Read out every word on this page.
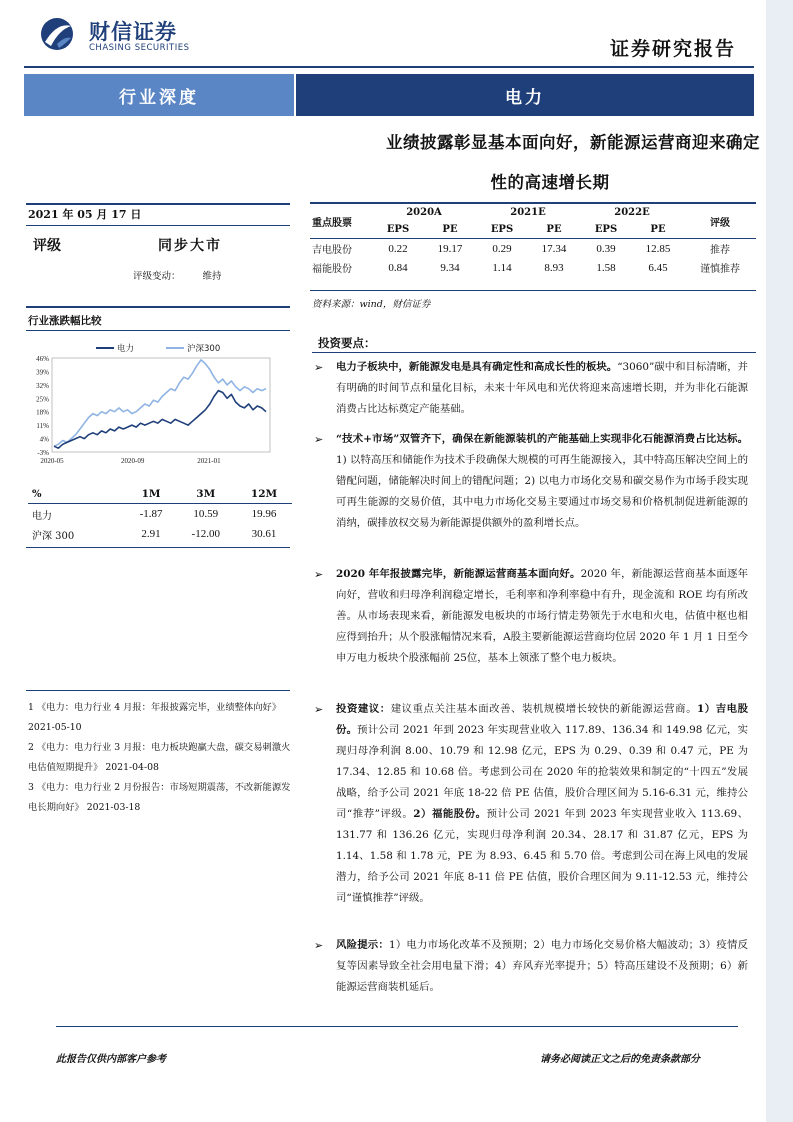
财信证券
CHASING SECURITIES	证券研究报告
行业深度	电力
业绩披露彰显基本面向好，新能源运营商迎来确定
性的高速增长期
2021 年 05 月 17 日
评级	同步大市
评级变动： 维持
行业涨跌幅比较
46%
39%
32%
25%
18%
11%
4%
-3%
2020-05	2020-09	2021-01
电力	沪深300
%	1M	3M	12M
电力	-1.87	10.59	19.96
沪深 300	2.91	-12.00	30.61

1 《电力：电力行业 4 月报：年报披露完毕，业绩整体向好》 2021-05-10

2 《电力：电力行业 3 月报：电力板块跑赢大盘，碳交易刺激火电估值短期提升》 2021-04-08

3 《电力：电力行业 2 月份报告：市场短期震荡，不改新能源发电长期向好》 2021-03-18

重点股票	2020A		2021E		2022E		评级
	EPS	PE	EPS	PE	EPS	PE	
吉电股份	0.22	19.17	0.29	17.34	0.39	12.85	推荐
福能股份	0.84	9.34	1.14	8.93	1.58	6.45	谨慎推荐
资料来源：wind，财信证券
投资要点：
➢ 电力子板块中，新能源发电是具有确定性和高成长性的板块。“3060”碳中和目标清晰，并有明确的时间节点和量化目标，未来十年风电和光伏将迎来高速增长期，并为非化石能源消费占比达标奠定产能基础。
➢ “技术+市场”双管齐下，确保在新能源装机的产能基础上实现非化石能源消费占比达标。1) 以特高压和储能作为技术手段确保大规模的可再生能源接入，其中特高压解决空间上的错配问题，储能解决时间上的错配问题；2) 以电力市场化交易和碳交易作为市场手段实现可再生能源的交易价值，其中电力市场化交易主要通过市场交易和价格机制促进新能源的消纳，碳排放权交易为新能源提供额外的盈利增长点。
➢ 2020 年年报披露完毕，新能源运营商基本面向好。2020 年，新能源运营商基本面逐年向好，营收和归母净利润稳定增长，毛利率和净利率稳中有升，现金流和 ROE 均有所改善。从市场表现来看，新能源发电板块的市场行情走势领先于水电和火电，估值中枢也相应得到抬升；从个股涨幅情况来看，A股主要新能源运营商均位居 2020 年 1 月 1 日至今申万电力板块个股涨幅前 25位，基本上领涨了整个电力板块。
➢ 投资建议：建议重点关注基本面改善、装机规模增长较快的新能源运营商。1）吉电股份。预计公司 2021 年到 2023 年实现营业收入 117.89、136.34 和 149.98 亿元，实现归母净利润 8.00、10.79 和 12.98 亿元，EPS 为 0.29、0.39 和 0.47 元，PE 为 17.34、12.85 和 10.68 倍。考虑到公司在 2020 年的抢装效果和制定的“十四五”发展战略，给予公司 2021 年底 18-22 倍 PE 估值，股价合理区间为 5.16-6.31 元，维持公司“推荐”评级。2）福能股份。预计公司 2021 年到 2023 年实现营业收入 113.69、131.77 和 136.26 亿元，实现归母净利润 20.34、28.17 和 31.87 亿元，EPS 为 1.14、1.58 和 1.78 元，PE 为 8.93、6.45 和 5.70 倍。考虑到公司在海上风电的发展潜力，给予公司 2021 年底 8-11 倍 PE 估值，股价合理区间为 9.11-12.53 元，维持公司“谨慎推荐”评级。
➢ 风险提示：1）电力市场化改革不及预期；2）电力市场化交易价格大幅波动；3）疫情反复等因素导致全社会用电量下滑；4）弃风弃光率提升；5）特高压建设不及预期；6）新能源运营商装机延后。
此报告仅供内部客户参考	请务必阅读正文之后的免责条款部分
